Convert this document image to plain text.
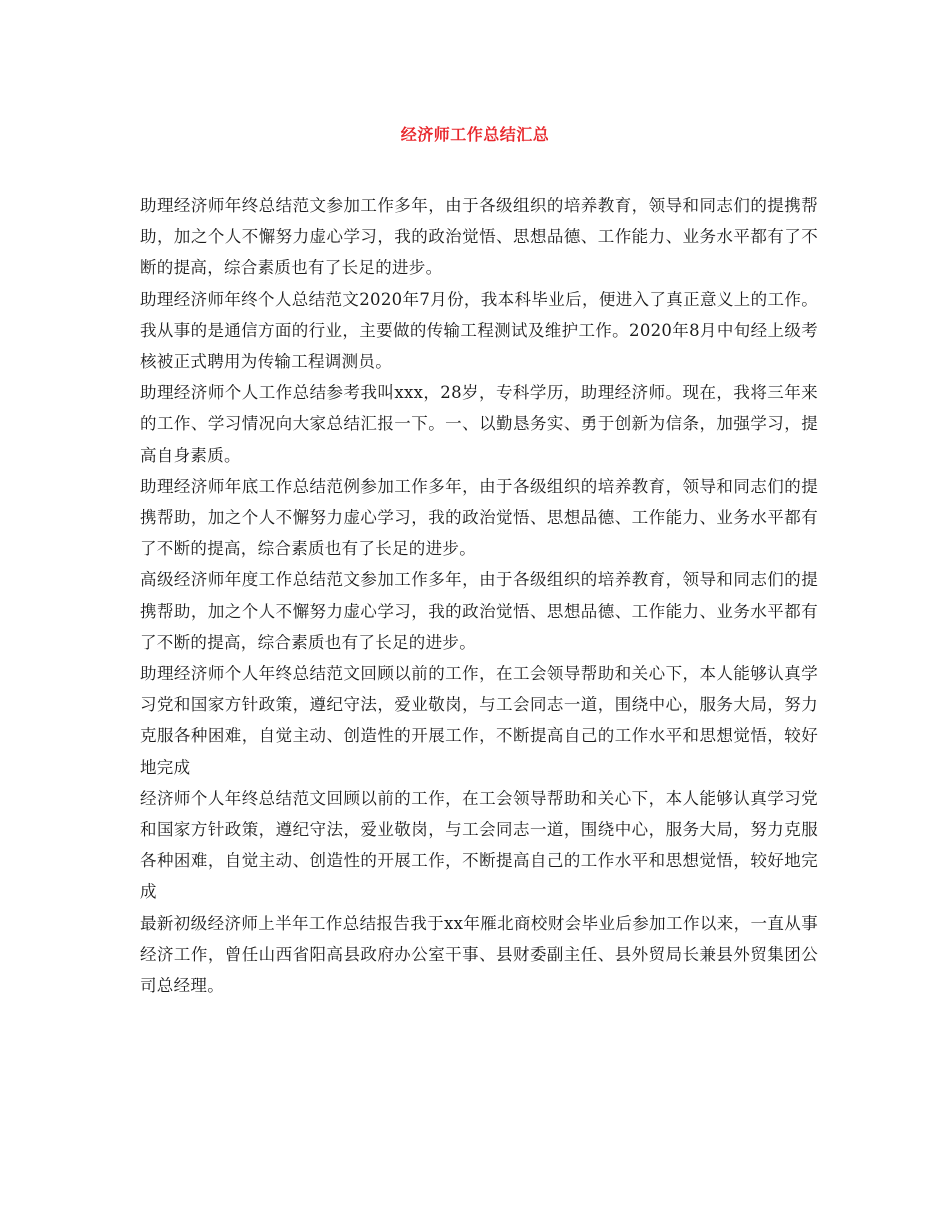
经济师工作总结汇总

助理经济师年终总结范文参加工作多年，由于各级组织的培养教育，领导和同志们的提携帮助，加之个人不懈努力虚心学习，我的政治觉悟、思想品德、工作能力、业务水平都有了不断的提高，综合素质也有了长足的进步。

助理经济师年终个人总结范文2020年7月份，我本科毕业后，便进入了真正意义上的工作。我从事的是通信方面的行业，主要做的传输工程测试及维护工作。2020年8月中旬经上级考核被正式聘用为传输工程调测员。

助理经济师个人工作总结参考我叫xxx，28岁，专科学历，助理经济师。现在，我将三年来的工作、学习情况向大家总结汇报一下。一、以勤恳务实、勇于创新为信条，加强学习，提高自身素质。

助理经济师年底工作总结范例参加工作多年，由于各级组织的培养教育，领导和同志们的提携帮助，加之个人不懈努力虚心学习，我的政治觉悟、思想品德、工作能力、业务水平都有了不断的提高，综合素质也有了长足的进步。

高级经济师年度工作总结范文参加工作多年，由于各级组织的培养教育，领导和同志们的提携帮助，加之个人不懈努力虚心学习，我的政治觉悟、思想品德、工作能力、业务水平都有了不断的提高，综合素质也有了长足的进步。

助理经济师个人年终总结范文回顾以前的工作，在工会领导帮助和关心下，本人能够认真学习党和国家方针政策，遵纪守法，爱业敬岗，与工会同志一道，围绕中心，服务大局，努力克服各种困难，自觉主动、创造性的开展工作，不断提高自己的工作水平和思想觉悟，较好地完成

经济师个人年终总结范文回顾以前的工作，在工会领导帮助和关心下，本人能够认真学习党和国家方针政策，遵纪守法，爱业敬岗，与工会同志一道，围绕中心，服务大局，努力克服各种困难，自觉主动、创造性的开展工作，不断提高自己的工作水平和思想觉悟，较好地完成

最新初级经济师上半年工作总结报告我于xx年雁北商校财会毕业后参加工作以来，一直从事经济工作，曾任山西省阳高县政府办公室干事、县财委副主任、县外贸局长兼县外贸集团公司总经理。
